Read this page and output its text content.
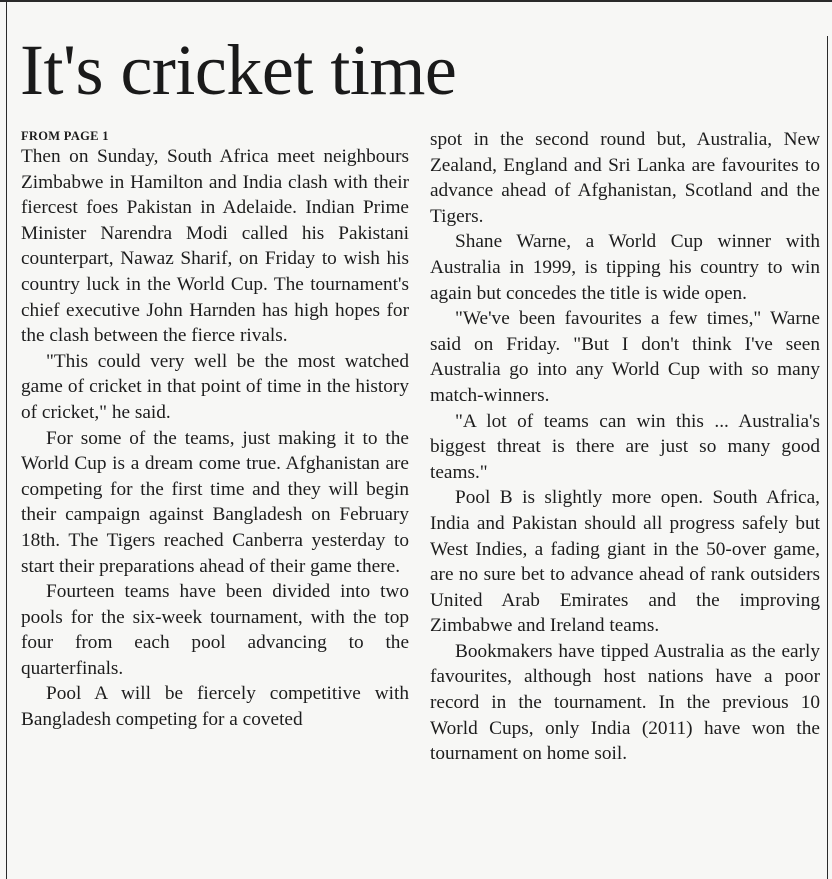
It's cricket time
FROM PAGE 1

Then on Sunday, South Africa meet neighbours Zimbabwe in Hamilton and India clash with their fiercest foes Pakistan in Adelaide. Indian Prime Minister Narendra Modi called his Pakistani counterpart, Nawaz Sharif, on Friday to wish his country luck in the World Cup. The tournament's chief executive John Harnden has high hopes for the clash between the fierce rivals.

"This could very well be the most watched game of cricket in that point of time in the history of cricket," he said.

For some of the teams, just making it to the World Cup is a dream come true. Afghanistan are competing for the first time and they will begin their campaign against Bangladesh on February 18th. The Tigers reached Canberra yesterday to start their preparations ahead of their game there.

Fourteen teams have been divided into two pools for the six-week tournament, with the top four from each pool advancing to the quarterfinals.

Pool A will be fiercely competitive with Bangladesh competing for a coveted

spot in the second round but, Australia, New Zealand, England and Sri Lanka are favourites to advance ahead of Afghanistan, Scotland and the Tigers.

Shane Warne, a World Cup winner with Australia in 1999, is tipping his country to win again but concedes the title is wide open.

"We've been favourites a few times," Warne said on Friday. "But I don't think I've seen Australia go into any World Cup with so many match-winners.

"A lot of teams can win this ... Australia's biggest threat is there are just so many good teams."

Pool B is slightly more open. South Africa, India and Pakistan should all progress safely but West Indies, a fading giant in the 50-over game, are no sure bet to advance ahead of rank outsiders United Arab Emirates and the improving Zimbabwe and Ireland teams.

Bookmakers have tipped Australia as the early favourites, although host nations have a poor record in the tournament. In the previous 10 World Cups, only India (2011) have won the tournament on home soil.
